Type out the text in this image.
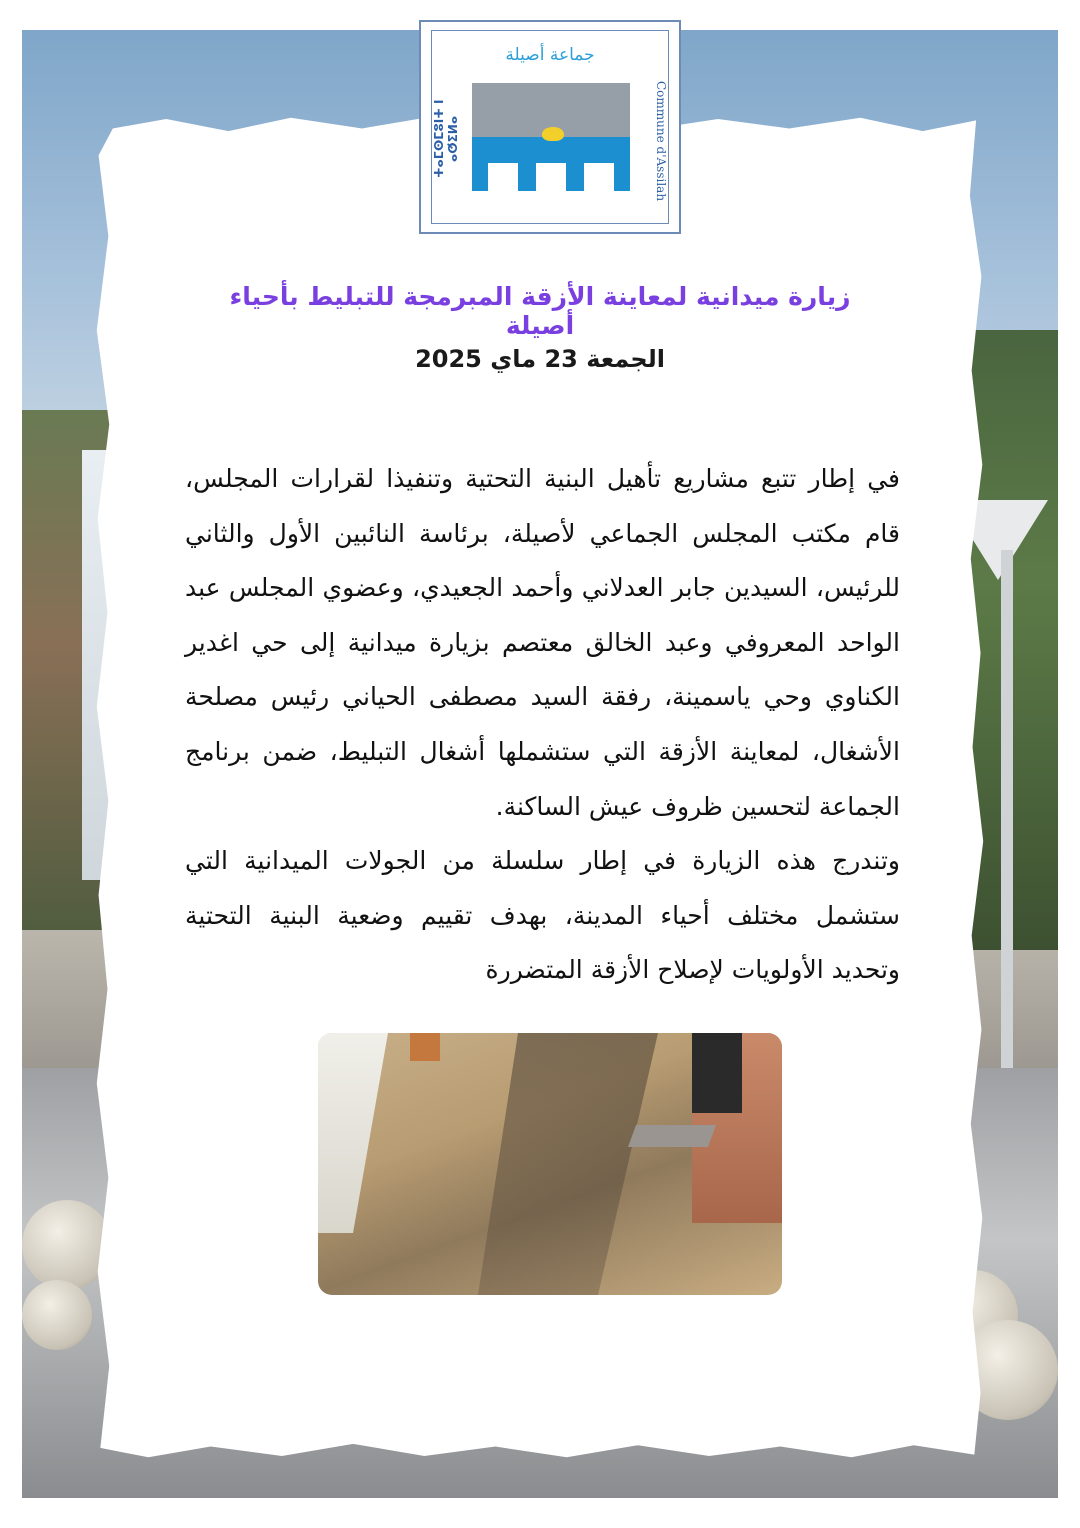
جماعة أصيلة
ⵜⴰⵎⵙⵎⵓⵏⵜ ⵏ ⴰⵚⵉⵍⴰ	Commune d'Assilah
زيارة ميدانية لمعاينة الأزقة المبرمجة للتبليط بأحياء أصيلة
الجمعة 23 ماي 2025

في إطار تتبع مشاريع تأهيل البنية التحتية وتنفيذا لقرارات المجلس، قام مكتب المجلس الجماعي لأصيلة، برئاسة النائبين الأول والثاني للرئيس، السيدين جابر العدلاني وأحمد الجعيدي، وعضوي المجلس عبد الواحد المعروفي وعبد الخالق معتصم بزيارة ميدانية إلى حي اغدير الكناوي وحي ياسمينة، رفقة السيد مصطفى الحياني رئيس مصلحة الأشغال، لمعاينة الأزقة التي ستشملها أشغال التبليط، ضمن برنامج الجماعة لتحسين ظروف عيش الساكنة.

وتندرج هذه الزيارة في إطار سلسلة من الجولات الميدانية التي ستشمل مختلف أحياء المدينة، بهدف تقييم وضعية البنية التحتية وتحديد الأولويات لإصلاح الأزقة المتضررة
